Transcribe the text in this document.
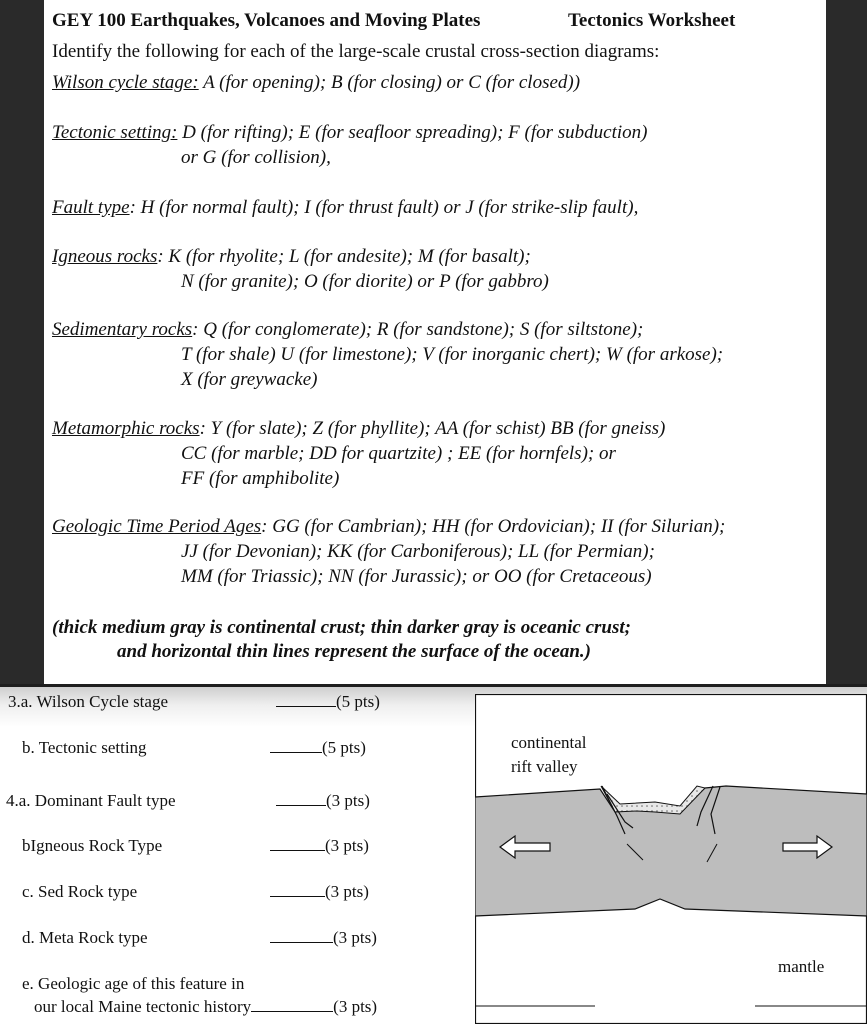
GEY 100 Earthquakes, Volcanoes and Moving Plates	Tectonics Worksheet
Identify the following for each of the large-scale crustal cross-section diagrams:
Wilson cycle stage: A (for opening); B (for closing) or C (for closed))
Tectonic setting: D (for rifting); E (for seafloor spreading); F (for subduction)
or G (for collision),
Fault type: H (for normal fault); I (for thrust fault) or J (for strike-slip fault),
Igneous rocks: K (for rhyolite; L (for andesite); M (for basalt);
N (for granite); O (for diorite) or P (for gabbro)
Sedimentary rocks: Q (for conglomerate); R (for sandstone); S (for siltstone);
T (for shale) U (for limestone); V (for inorganic chert); W (for arkose);
X (for greywacke)
Metamorphic rocks: Y (for slate); Z (for phyllite); AA (for schist) BB (for gneiss)
CC (for marble; DD for quartzite) ; EE (for hornfels); or
FF (for amphibolite)
Geologic Time Period Ages: GG (for Cambrian); HH (for Ordovician); II (for Silurian);
JJ (for Devonian); KK (for Carboniferous); LL (for Permian);
MM (for Triassic); NN (for Jurassic); or OO (for Cretaceous)
(thick medium gray is continental crust; thin darker gray is oceanic crust;
and horizontal thin lines represent the surface of the ocean.)
3.a. Wilson Cycle stage	(5 pts)
b. Tectonic setting	(5 pts)
4.a. Dominant Fault type	(3 pts)
bIgneous Rock Type	(3 pts)
c. Sed Rock type	(3 pts)
d. Meta Rock type	(3 pts)
e. Geologic age of this feature in
our local Maine tectonic history	(3 pts)
continental
rift valley
mantle
